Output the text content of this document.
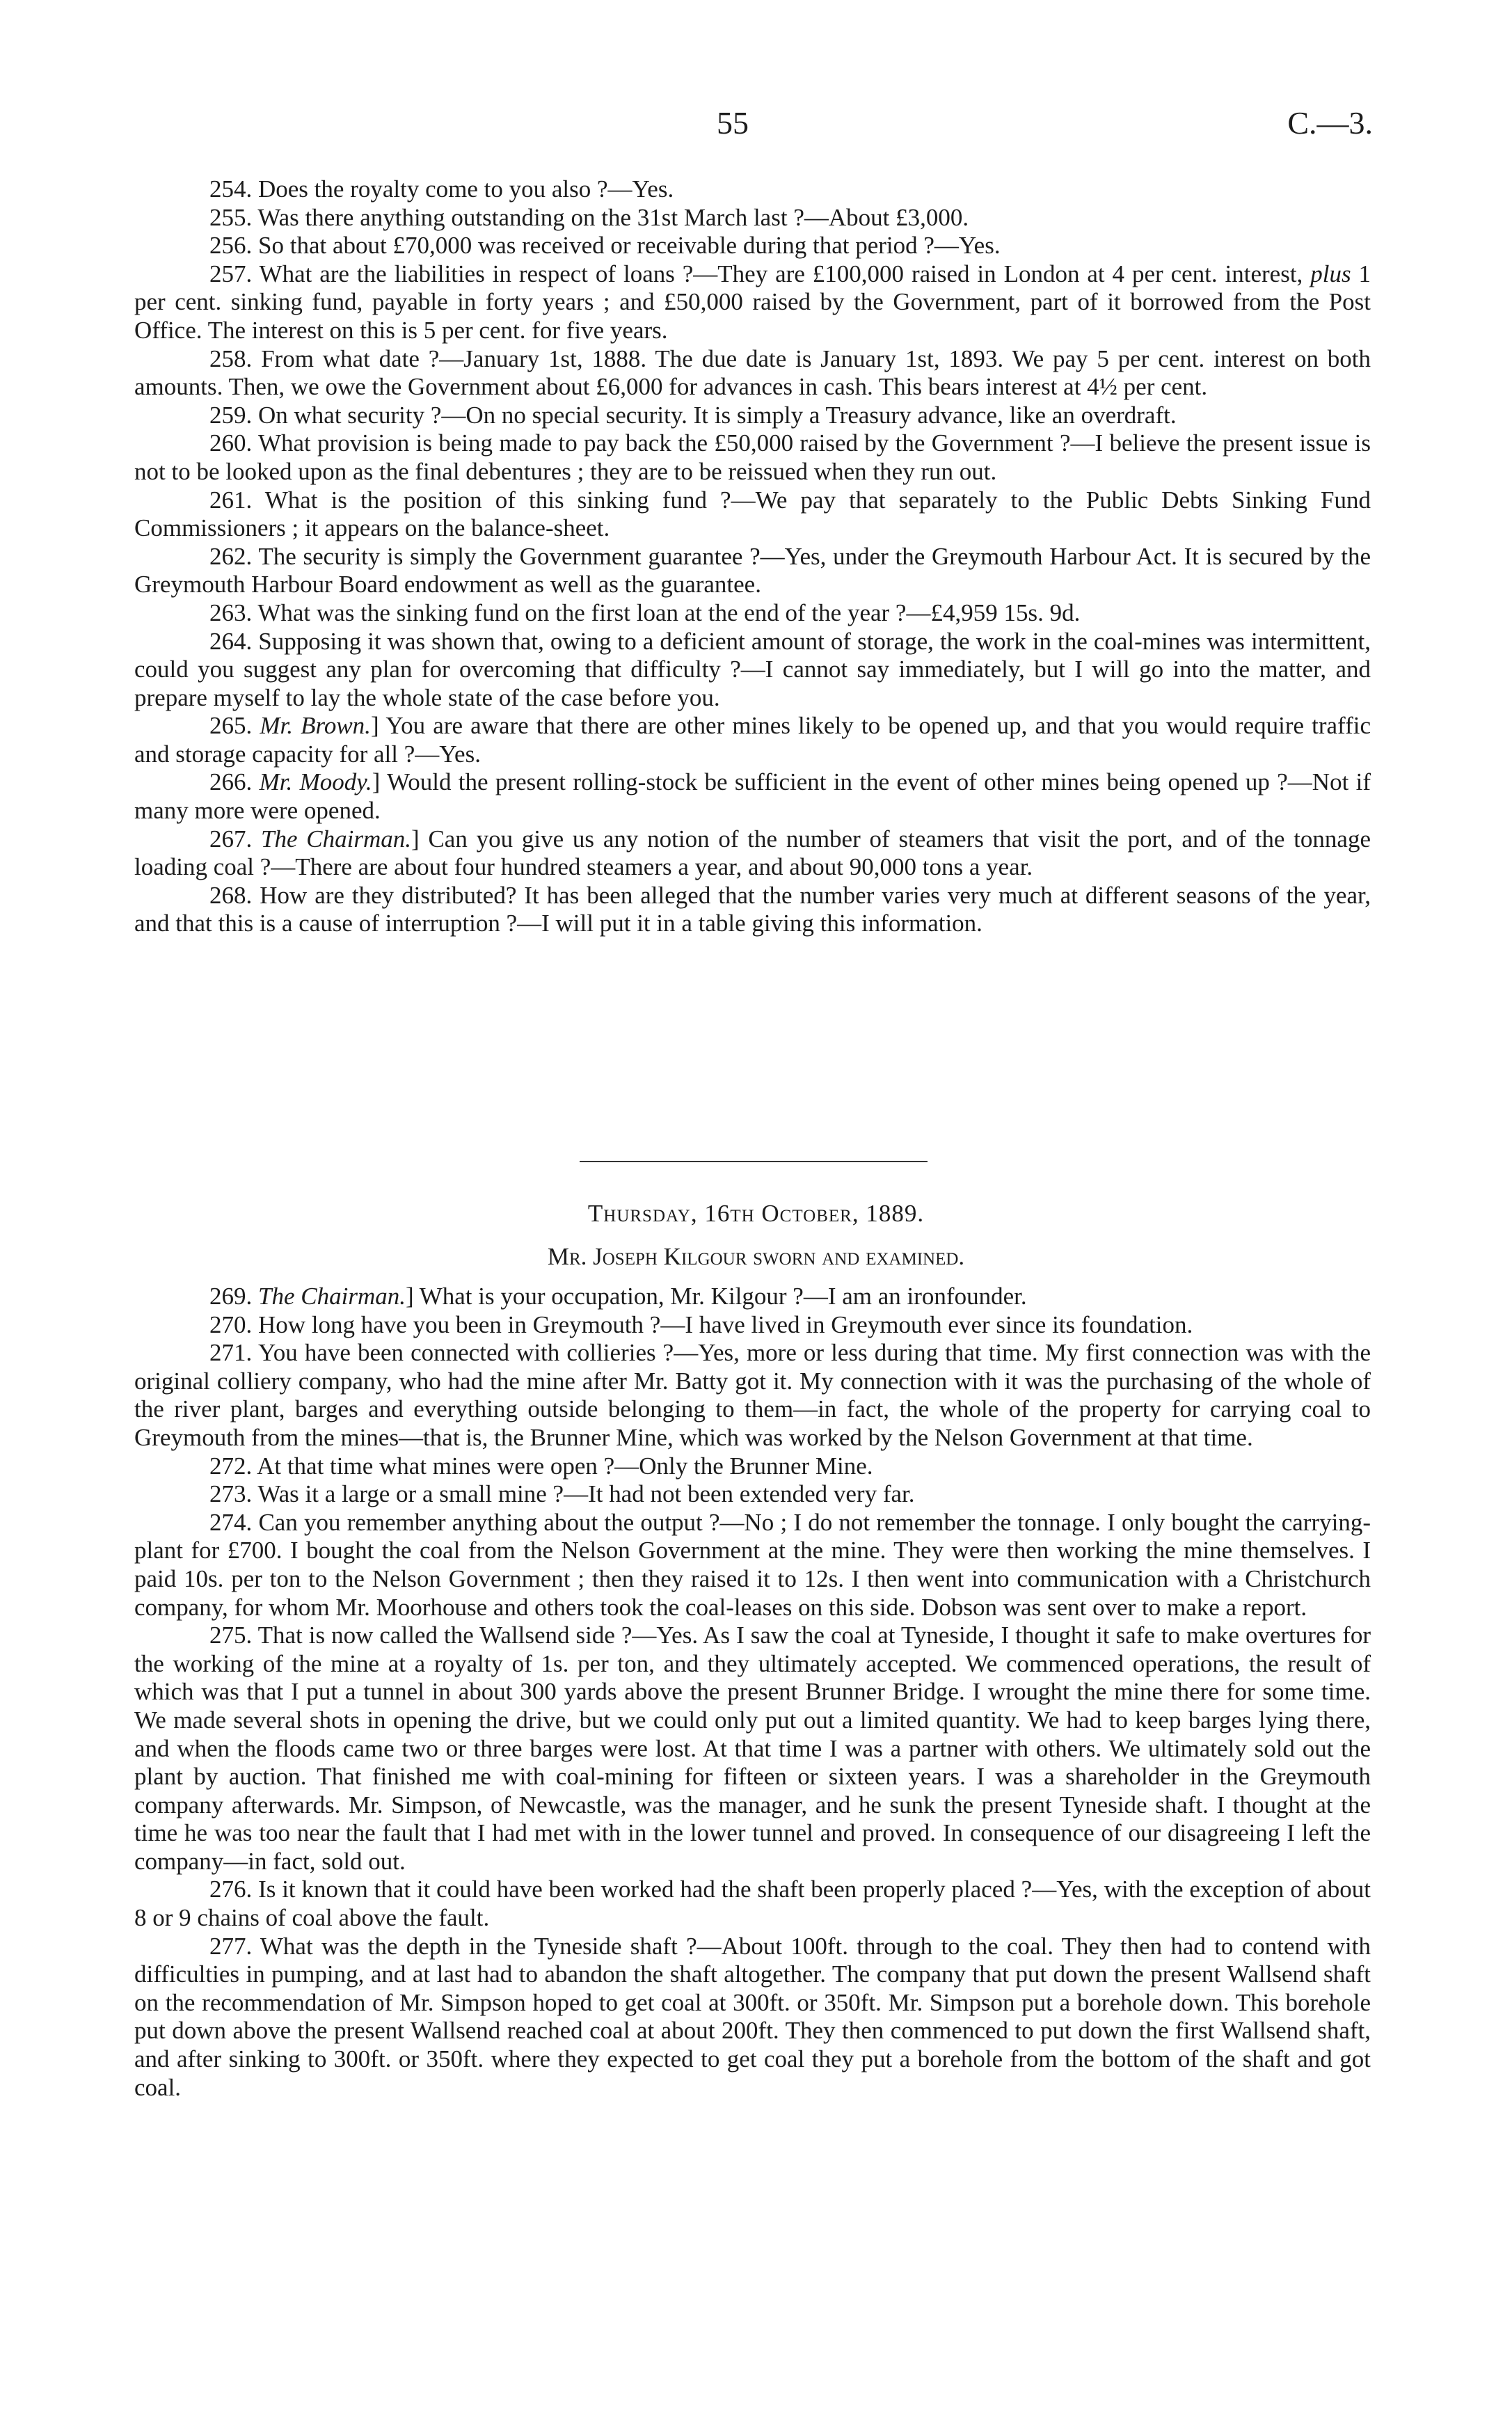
55	C.—3.

254. Does the royalty come to you also ?—Yes.

255. Was there anything outstanding on the 31st March last ?—About £3,000.

256. So that about £70,000 was received or receivable during that period ?—Yes.

257. What are the liabilities in respect of loans ?—They are £100,000 raised in London at 4 per cent. interest, plus 1 per cent. sinking fund, payable in forty years ; and £50,000 raised by the Government, part of it borrowed from the Post Office. The interest on this is 5 per cent. for five years.

258. From what date ?—January 1st, 1888. The due date is January 1st, 1893. We pay 5 per cent. interest on both amounts. Then, we owe the Government about £6,000 for advances in cash. This bears interest at 4½ per cent.

259. On what security ?—On no special security. It is simply a Treasury advance, like an overdraft.

260. What provision is being made to pay back the £50,000 raised by the Government ?—I believe the present issue is not to be looked upon as the final debentures ; they are to be reissued when they run out.

261. What is the position of this sinking fund ?—We pay that separately to the Public Debts Sinking Fund Commissioners ; it appears on the balance-sheet.

262. The security is simply the Government guarantee ?—Yes, under the Greymouth Harbour Act. It is secured by the Greymouth Harbour Board endowment as well as the guarantee.

263. What was the sinking fund on the first loan at the end of the year ?—£4,959 15s. 9d.

264. Supposing it was shown that, owing to a deficient amount of storage, the work in the coal-mines was intermittent, could you suggest any plan for overcoming that difficulty ?—I cannot say immediately, but I will go into the matter, and prepare myself to lay the whole state of the case before you.

265. Mr. Brown.] You are aware that there are other mines likely to be opened up, and that you would require traffic and storage capacity for all ?—Yes.

266. Mr. Moody.] Would the present rolling-stock be sufficient in the event of other mines being opened up ?—Not if many more were opened.

267. The Chairman.] Can you give us any notion of the number of steamers that visit the port, and of the tonnage loading coal ?—There are about four hundred steamers a year, and about 90,000 tons a year.

268. How are they distributed? It has been alleged that the number varies very much at different seasons of the year, and that this is a cause of interruption ?—I will put it in a table giving this information.

Thursday, 16th October, 1889.
Mr. Joseph Kilgour sworn and examined.

269. The Chairman.] What is your occupation, Mr. Kilgour ?—I am an ironfounder.

270. How long have you been in Greymouth ?—I have lived in Greymouth ever since its foundation.

271. You have been connected with collieries ?—Yes, more or less during that time. My first connection was with the original colliery company, who had the mine after Mr. Batty got it. My connection with it was the purchasing of the whole of the river plant, barges and everything outside belonging to them—in fact, the whole of the property for carrying coal to Greymouth from the mines—that is, the Brunner Mine, which was worked by the Nelson Government at that time.

272. At that time what mines were open ?—Only the Brunner Mine.

273. Was it a large or a small mine ?—It had not been extended very far.

274. Can you remember anything about the output ?—No ; I do not remember the tonnage. I only bought the carrying-plant for £700. I bought the coal from the Nelson Government at the mine. They were then working the mine themselves. I paid 10s. per ton to the Nelson Government ; then they raised it to 12s. I then went into communication with a Christchurch company, for whom Mr. Moorhouse and others took the coal-leases on this side. Dobson was sent over to make a report.

275. That is now called the Wallsend side ?—Yes. As I saw the coal at Tyneside, I thought it safe to make overtures for the working of the mine at a royalty of 1s. per ton, and they ultimately accepted. We commenced operations, the result of which was that I put a tunnel in about 300 yards above the present Brunner Bridge. I wrought the mine there for some time. We made several shots in opening the drive, but we could only put out a limited quantity. We had to keep barges lying there, and when the floods came two or three barges were lost. At that time I was a partner with others. We ultimately sold out the plant by auction. That finished me with coal-mining for fifteen or sixteen years. I was a shareholder in the Greymouth company afterwards. Mr. Simpson, of Newcastle, was the manager, and he sunk the present Tyneside shaft. I thought at the time he was too near the fault that I had met with in the lower tunnel and proved. In consequence of our disagreeing I left the company—in fact, sold out.

276. Is it known that it could have been worked had the shaft been properly placed ?—Yes, with the exception of about 8 or 9 chains of coal above the fault.

277. What was the depth in the Tyneside shaft ?—About 100ft. through to the coal. They then had to contend with difficulties in pumping, and at last had to abandon the shaft altogether. The company that put down the present Wallsend shaft on the recommendation of Mr. Simpson hoped to get coal at 300ft. or 350ft. Mr. Simpson put a borehole down. This borehole put down above the present Wallsend reached coal at about 200ft. They then commenced to put down the first Wallsend shaft, and after sinking to 300ft. or 350ft. where they expected to get coal they put a borehole from the bottom of the shaft and got coal.
